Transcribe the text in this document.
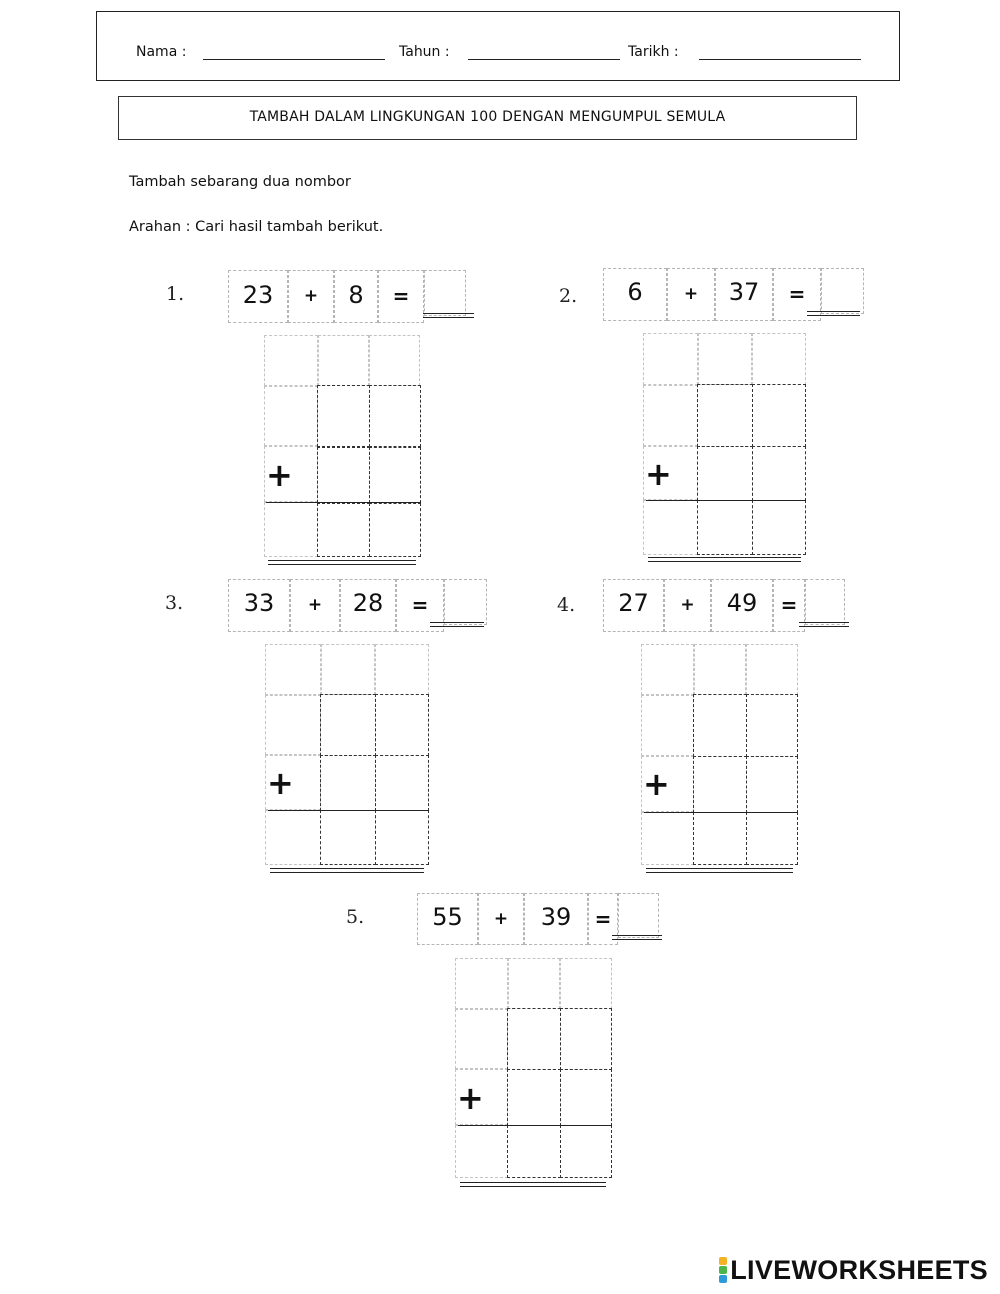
Nama :	Tahun :	Tarikh :
TAMBAH DALAM LINGKUNGAN 100 DENGAN MENGUMPUL SEMULA
Tambah sebarang dua nombor
Arahan : Cari hasil tambah berikut.
1.	23	+	8	=
+
2.	6	+	37	=
+
3.	33	+	28	=
+
4.	27	+	49	=
+
5.	55	+	39	=
+
LIVEWORKSHEETS
